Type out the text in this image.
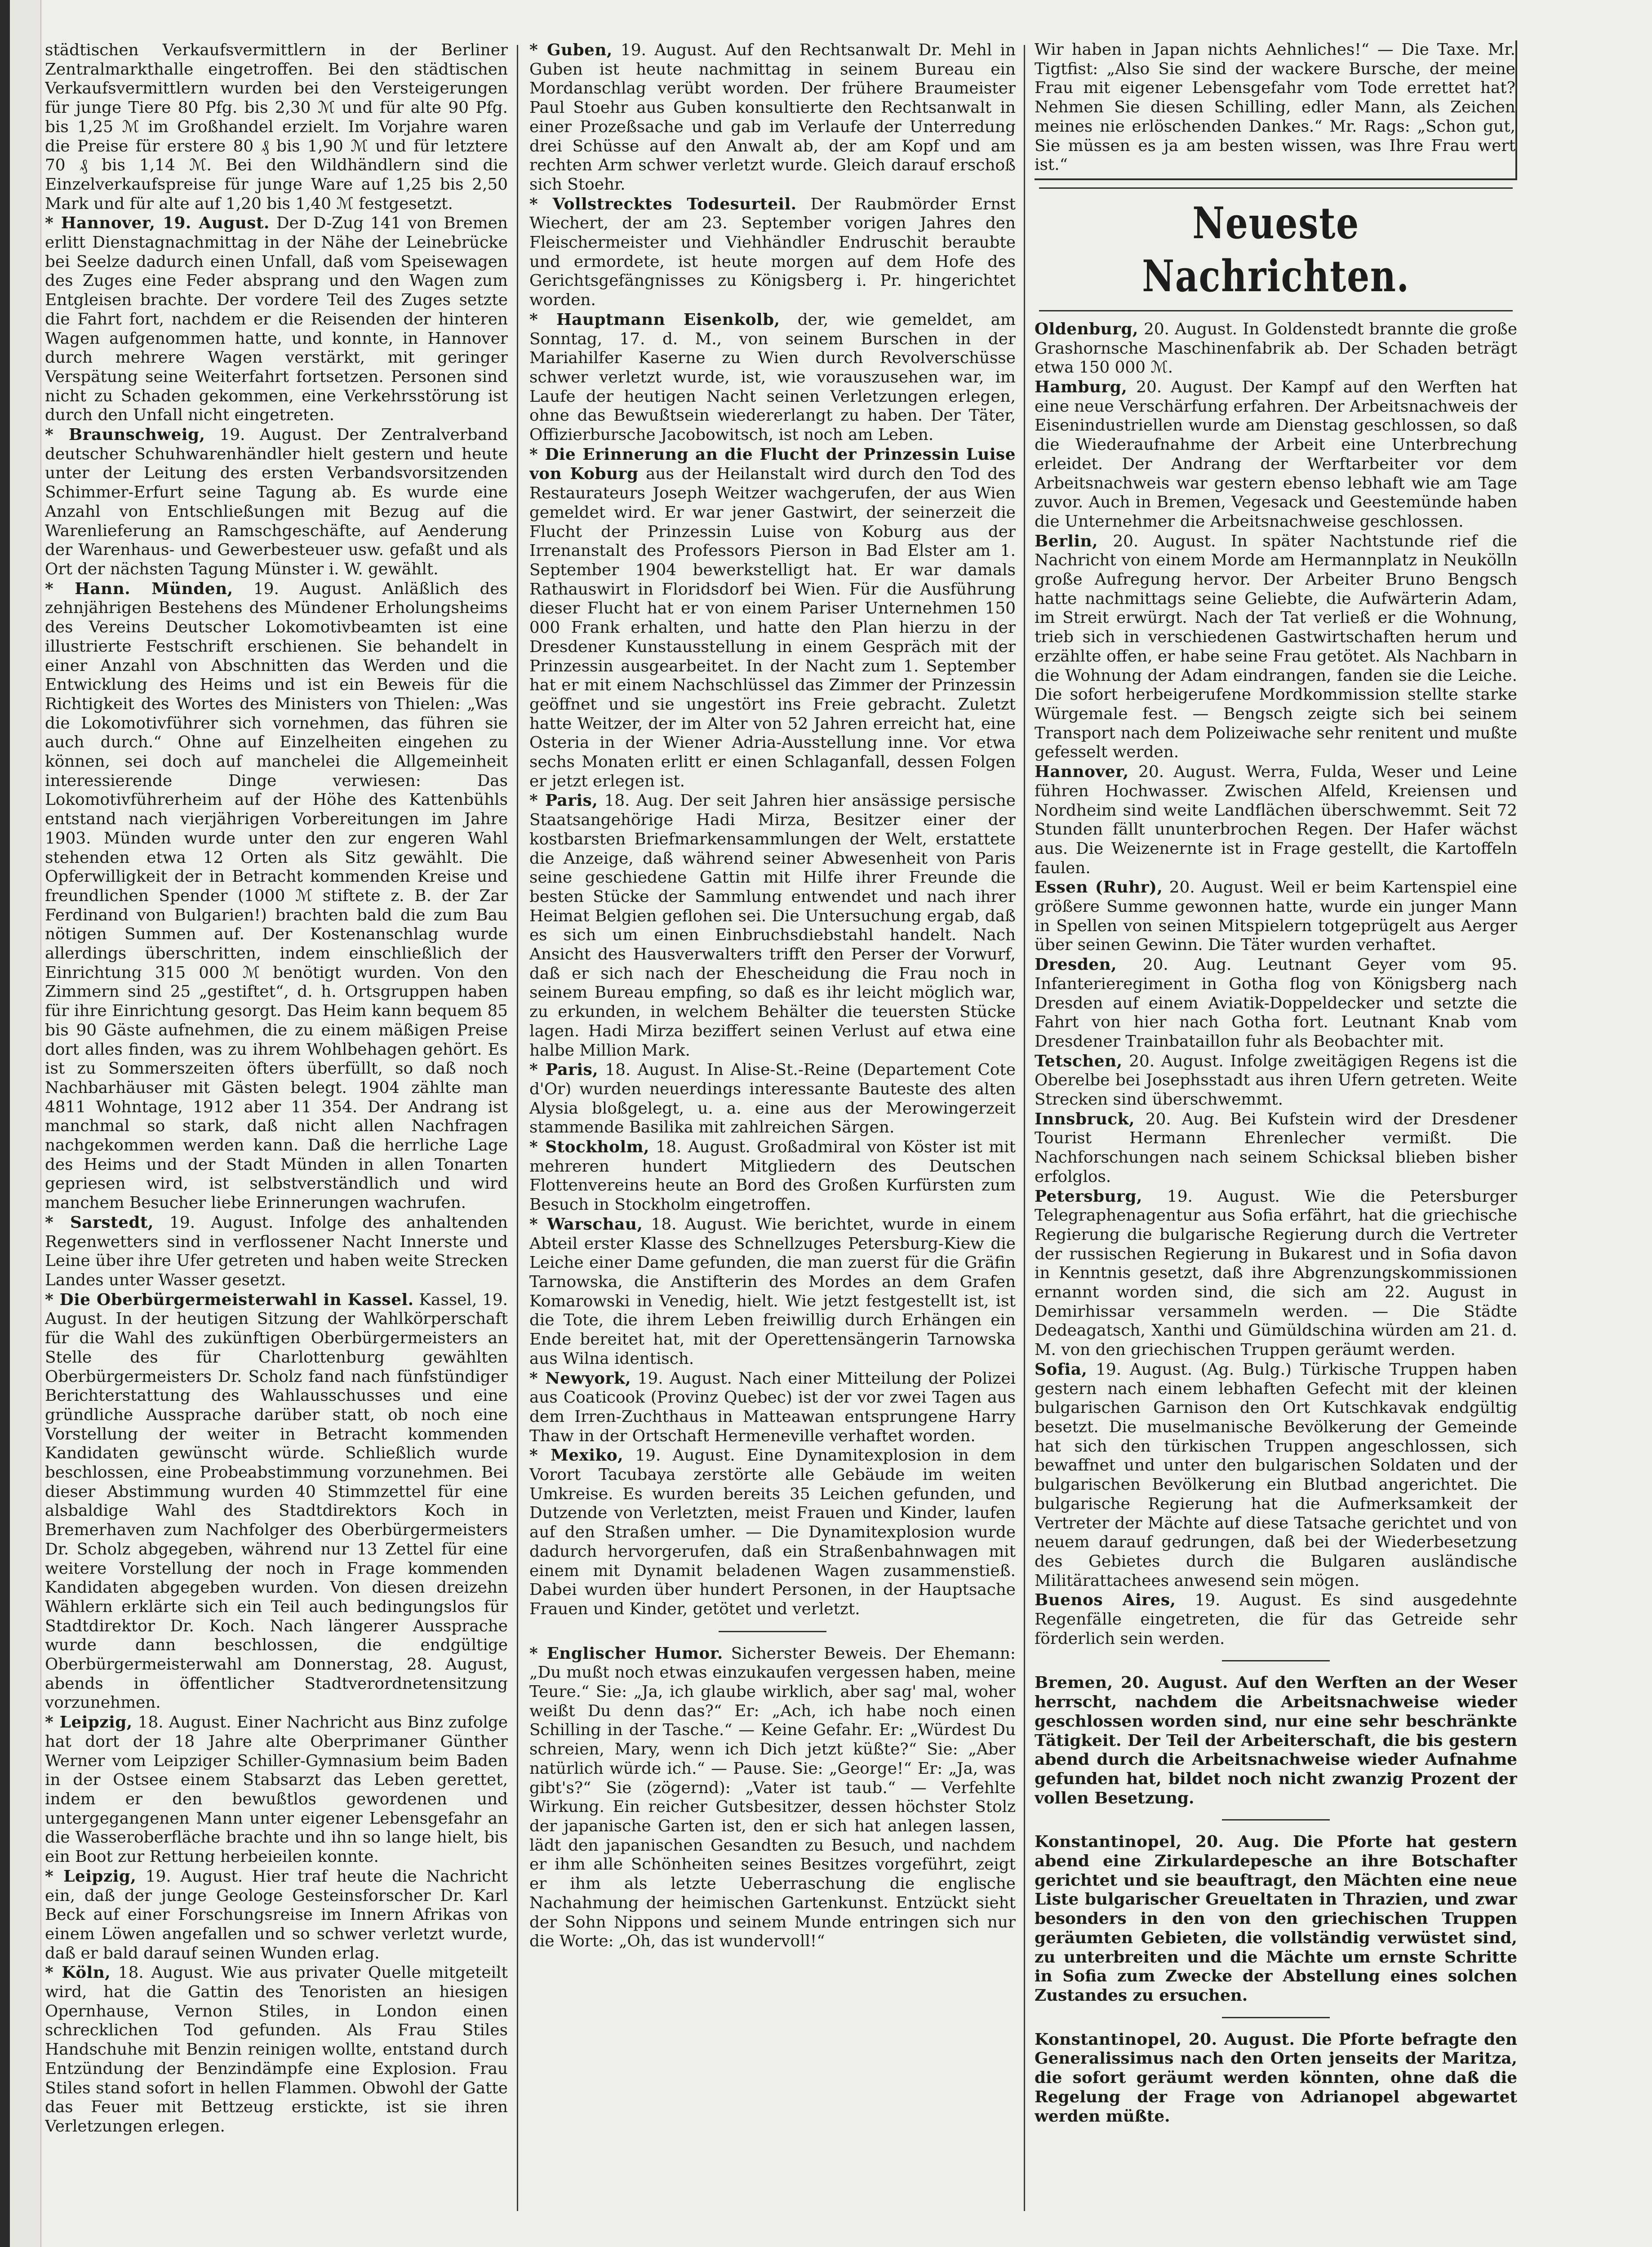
städtischen Verkaufsvermittlern in der Berliner Zentralmarkthalle eingetroffen. Bei den städtischen Verkaufsvermittlern wurden bei den Versteigerungen für junge Tiere 80 Pfg. bis 2,30 ℳ und für alte 90 Pfg. bis 1,25 ℳ im Großhandel erzielt. Im Vorjahre waren die Preise für erstere 80 ₰ bis 1,90 ℳ und für letztere 70 ₰ bis 1,14 ℳ. Bei den Wildhändlern sind die Einzelverkaufspreise für junge Ware auf 1,25 bis 2,50 Mark und für alte auf 1,20 bis 1,40 ℳ festgesetzt.

* Hannover, 19. August. Der D-Zug 141 von Bremen erlitt Dienstagnachmittag in der Nähe der Leinebrücke bei Seelze dadurch einen Unfall, daß vom Speisewagen des Zuges eine Feder absprang und den Wagen zum Entgleisen brachte. Der vordere Teil des Zuges setzte die Fahrt fort, nachdem er die Reisenden der hinteren Wagen aufgenommen hatte, und konnte, in Hannover durch mehrere Wagen verstärkt, mit geringer Verspätung seine Weiterfahrt fortsetzen. Personen sind nicht zu Schaden gekommen, eine Verkehrsstörung ist durch den Unfall nicht eingetreten.

* Braunschweig, 19. August. Der Zentralverband deutscher Schuhwarenhändler hielt gestern und heute unter der Leitung des ersten Verbandsvorsitzenden Schimmer-Erfurt seine Tagung ab. Es wurde eine Anzahl von Entschließungen mit Bezug auf die Warenlieferung an Ramschgeschäfte, auf Aenderung der Warenhaus- und Gewerbesteuer usw. gefaßt und als Ort der nächsten Tagung Münster i. W. gewählt.

* Hann. Münden, 19. August. Anläßlich des zehnjährigen Bestehens des Mündener Erholungsheims des Vereins Deutscher Lokomotivbeamten ist eine illustrierte Festschrift erschienen. Sie behandelt in einer Anzahl von Abschnitten das Werden und die Entwicklung des Heims und ist ein Beweis für die Richtigkeit des Wortes des Ministers von Thielen: „Was die Lokomotivführer sich vornehmen, das führen sie auch durch.“ Ohne auf Einzelheiten eingehen zu können, sei doch auf manchelei die Allgemeinheit interessierende Dinge verwiesen: Das Lokomotivführerheim auf der Höhe des Kattenbühls entstand nach vierjährigen Vorbereitungen im Jahre 1903. Münden wurde unter den zur engeren Wahl stehenden etwa 12 Orten als Sitz gewählt. Die Opferwilligkeit der in Betracht kommenden Kreise und freundlichen Spender (1000 ℳ stiftete z. B. der Zar Ferdinand von Bulgarien!) brachten bald die zum Bau nötigen Summen auf. Der Kostenanschlag wurde allerdings überschritten, indem einschließlich der Einrichtung 315 000 ℳ benötigt wurden. Von den Zimmern sind 25 „gestiftet“, d. h. Ortsgruppen haben für ihre Einrichtung gesorgt. Das Heim kann bequem 85 bis 90 Gäste aufnehmen, die zu einem mäßigen Preise dort alles finden, was zu ihrem Wohlbehagen gehört. Es ist zu Sommerszeiten öfters überfüllt, so daß noch Nachbarhäuser mit Gästen belegt. 1904 zählte man 4811 Wohntage, 1912 aber 11 354. Der Andrang ist manchmal so stark, daß nicht allen Nachfragen nachgekommen werden kann. Daß die herrliche Lage des Heims und der Stadt Münden in allen Tonarten gepriesen wird, ist selbstverständlich und wird manchem Besucher liebe Erinnerungen wachrufen.

* Sarstedt, 19. August. Infolge des anhaltenden Regenwetters sind in verflossener Nacht Innerste und Leine über ihre Ufer getreten und haben weite Strecken Landes unter Wasser gesetzt.

* Die Oberbürgermeisterwahl in Kassel. Kassel, 19. August. In der heutigen Sitzung der Wahlkörperschaft für die Wahl des zukünftigen Oberbürgermeisters an Stelle des für Charlottenburg gewählten Oberbürgermeisters Dr. Scholz fand nach fünfstündiger Berichterstattung des Wahlausschusses und eine gründliche Aussprache darüber statt, ob noch eine Vorstellung der weiter in Betracht kommenden Kandidaten gewünscht würde. Schließlich wurde beschlossen, eine Probeabstimmung vorzunehmen. Bei dieser Abstimmung wurden 40 Stimmzettel für eine alsbaldige Wahl des Stadtdirektors Koch in Bremerhaven zum Nachfolger des Oberbürgermeisters Dr. Scholz abgegeben, während nur 13 Zettel für eine weitere Vorstellung der noch in Frage kommenden Kandidaten abgegeben wurden. Von diesen dreizehn Wählern erklärte sich ein Teil auch bedingungslos für Stadtdirektor Dr. Koch. Nach längerer Aussprache wurde dann beschlossen, die endgültige Oberbürgermeisterwahl am Donnerstag, 28. August, abends in öffentlicher Stadtverordnetensitzung vorzunehmen.

* Leipzig, 18. August. Einer Nachricht aus Binz zufolge hat dort der 18 Jahre alte Oberprimaner Günther Werner vom Leipziger Schiller-Gymnasium beim Baden in der Ostsee einem Stabsarzt das Leben gerettet, indem er den bewußtlos gewordenen und untergegangenen Mann unter eigener Lebensgefahr an die Wasseroberfläche brachte und ihn so lange hielt, bis ein Boot zur Rettung herbeieilen konnte.

* Leipzig, 19. August. Hier traf heute die Nachricht ein, daß der junge Geologe Gesteinsforscher Dr. Karl Beck auf einer Forschungsreise im Innern Afrikas von einem Löwen angefallen und so schwer verletzt wurde, daß er bald darauf seinen Wunden erlag.

* Köln, 18. August. Wie aus privater Quelle mitgeteilt wird, hat die Gattin des Tenoristen an hiesigen Opernhause, Vernon Stiles, in London einen schrecklichen Tod gefunden. Als Frau Stiles Handschuhe mit Benzin reinigen wollte, entstand durch Entzündung der Benzindämpfe eine Explosion. Frau Stiles stand sofort in hellen Flammen. Obwohl der Gatte das Feuer mit Bettzeug erstickte, ist sie ihren Verletzungen erlegen.

* Guben, 19. August. Auf den Rechtsanwalt Dr. Mehl in Guben ist heute nachmittag in seinem Bureau ein Mordanschlag verübt worden. Der frühere Braumeister Paul Stoehr aus Guben konsultierte den Rechtsanwalt in einer Prozeßsache und gab im Verlaufe der Unterredung drei Schüsse auf den Anwalt ab, der am Kopf und am rechten Arm schwer verletzt wurde. Gleich darauf erschoß sich Stoehr.

* Vollstrecktes Todesurteil. Der Raubmörder Ernst Wiechert, der am 23. September vorigen Jahres den Fleischermeister und Viehhändler Endruschit beraubte und ermordete, ist heute morgen auf dem Hofe des Gerichtsgefängnisses zu Königsberg i. Pr. hingerichtet worden.

* Hauptmann Eisenkolb, der, wie gemeldet, am Sonntag, 17. d. M., von seinem Burschen in der Mariahilfer Kaserne zu Wien durch Revolverschüsse schwer verletzt wurde, ist, wie vorauszusehen war, im Laufe der heutigen Nacht seinen Verletzungen erlegen, ohne das Bewußtsein wiedererlangt zu haben. Der Täter, Offizierbursche Jacobowitsch, ist noch am Leben.

* Die Erinnerung an die Flucht der Prinzessin Luise von Koburg aus der Heilanstalt wird durch den Tod des Restaurateurs Joseph Weitzer wachgerufen, der aus Wien gemeldet wird. Er war jener Gastwirt, der seinerzeit die Flucht der Prinzessin Luise von Koburg aus der Irrenanstalt des Professors Pierson in Bad Elster am 1. September 1904 bewerkstelligt hat. Er war damals Rathauswirt in Floridsdorf bei Wien. Für die Ausführung dieser Flucht hat er von einem Pariser Unternehmen 150 000 Frank erhalten, und hatte den Plan hierzu in der Dresdener Kunstausstellung in einem Gespräch mit der Prinzessin ausgearbeitet. In der Nacht zum 1. September hat er mit einem Nachschlüssel das Zimmer der Prinzessin geöffnet und sie ungestört ins Freie gebracht. Zuletzt hatte Weitzer, der im Alter von 52 Jahren erreicht hat, eine Osteria in der Wiener Adria-Ausstellung inne. Vor etwa sechs Monaten erlitt er einen Schlaganfall, dessen Folgen er jetzt erlegen ist.

* Paris, 18. Aug. Der seit Jahren hier ansässige persische Staatsangehörige Hadi Mirza, Besitzer einer der kostbarsten Briefmarkensammlungen der Welt, erstattete die Anzeige, daß während seiner Abwesenheit von Paris seine geschiedene Gattin mit Hilfe ihrer Freunde die besten Stücke der Sammlung entwendet und nach ihrer Heimat Belgien geflohen sei. Die Untersuchung ergab, daß es sich um einen Einbruchsdiebstahl handelt. Nach Ansicht des Hausverwalters trifft den Perser der Vorwurf, daß er sich nach der Ehescheidung die Frau noch in seinem Bureau empfing, so daß es ihr leicht möglich war, zu erkunden, in welchem Behälter die teuersten Stücke lagen. Hadi Mirza beziffert seinen Verlust auf etwa eine halbe Million Mark.

* Paris, 18. August. In Alise-St.-Reine (Departement Cote d'Or) wurden neuerdings interessante Bauteste des alten Alysia bloßgelegt, u. a. eine aus der Merowingerzeit stammende Basilika mit zahlreichen Särgen.

* Stockholm, 18. August. Großadmiral von Köster ist mit mehreren hundert Mitgliedern des Deutschen Flottenvereins heute an Bord des Großen Kurfürsten zum Besuch in Stockholm eingetroffen.

* Warschau, 18. August. Wie berichtet, wurde in einem Abteil erster Klasse des Schnellzuges Petersburg-Kiew die Leiche einer Dame gefunden, die man zuerst für die Gräfin Tarnowska, die Anstifterin des Mordes an dem Grafen Komarowski in Venedig, hielt. Wie jetzt festgestellt ist, ist die Tote, die ihrem Leben freiwillig durch Erhängen ein Ende bereitet hat, mit der Operettensängerin Tarnowska aus Wilna identisch.

* Newyork, 19. August. Nach einer Mitteilung der Polizei aus Coaticook (Provinz Quebec) ist der vor zwei Tagen aus dem Irren-Zuchthaus in Matteawan entsprungene Harry Thaw in der Ortschaft Hermeneville verhaftet worden.

* Mexiko, 19. August. Eine Dynamitexplosion in dem Vorort Tacubaya zerstörte alle Gebäude im weiten Umkreise. Es wurden bereits 35 Leichen gefunden, und Dutzende von Verletzten, meist Frauen und Kinder, laufen auf den Straßen umher. — Die Dynamitexplosion wurde dadurch hervorgerufen, daß ein Straßenbahnwagen mit einem mit Dynamit beladenen Wagen zusammenstieß. Dabei wurden über hundert Personen, in der Hauptsache Frauen und Kinder, getötet und verletzt.

* Englischer Humor. Sicherster Beweis. Der Ehemann: „Du mußt noch etwas einzukaufen vergessen haben, meine Teure.“ Sie: „Ja, ich glaube wirklich, aber sag' mal, woher weißt Du denn das?“ Er: „Ach, ich habe noch einen Schilling in der Tasche.“ — Keine Gefahr. Er: „Würdest Du schreien, Mary, wenn ich Dich jetzt küßte?“ Sie: „Aber natürlich würde ich.“ — Pause. Sie: „George!“ Er: „Ja, was gibt's?“ Sie (zögernd): „Vater ist taub.“ — Verfehlte Wirkung. Ein reicher Gutsbesitzer, dessen höchster Stolz der japanische Garten ist, den er sich hat anlegen lassen, lädt den japanischen Gesandten zu Besuch, und nachdem er ihm alle Schönheiten seines Besitzes vorgeführt, zeigt er ihm als letzte Ueberraschung die englische Nachahmung der heimischen Gartenkunst. Entzückt sieht der Sohn Nippons und seinem Munde entringen sich nur die Worte: „Oh, das ist wundervoll!“

Wir haben in Japan nichts Aehnliches!“ — Die Taxe. Mr. Tigtfist: „Also Sie sind der wackere Bursche, der meine Frau mit eigener Lebensgefahr vom Tode errettet hat? Nehmen Sie diesen Schilling, edler Mann, als Zeichen meines nie erlöschenden Dankes.“ Mr. Rags: „Schon gut, Sie müssen es ja am besten wissen, was Ihre Frau wert ist.“

Neueste Nachrichten.

Oldenburg, 20. August. In Goldenstedt brannte die große Grashornsche Maschinenfabrik ab. Der Schaden beträgt etwa 150 000 ℳ.

Hamburg, 20. August. Der Kampf auf den Werften hat eine neue Verschärfung erfahren. Der Arbeitsnachweis der Eisenindustriellen wurde am Dienstag geschlossen, so daß die Wiederaufnahme der Arbeit eine Unterbrechung erleidet. Der Andrang der Werftarbeiter vor dem Arbeitsnachweis war gestern ebenso lebhaft wie am Tage zuvor. Auch in Bremen, Vegesack und Geestemünde haben die Unternehmer die Arbeitsnachweise geschlossen.

Berlin, 20. August. In später Nachtstunde rief die Nachricht von einem Morde am Hermannplatz in Neukölln große Aufregung hervor. Der Arbeiter Bruno Bengsch hatte nachmittags seine Geliebte, die Aufwärterin Adam, im Streit erwürgt. Nach der Tat verließ er die Wohnung, trieb sich in verschiedenen Gastwirtschaften herum und erzählte offen, er habe seine Frau getötet. Als Nachbarn in die Wohnung der Adam eindrangen, fanden sie die Leiche. Die sofort herbeigerufene Mordkommission stellte starke Würgemale fest. — Bengsch zeigte sich bei seinem Transport nach dem Polizeiwache sehr renitent und mußte gefesselt werden.

Hannover, 20. August. Werra, Fulda, Weser und Leine führen Hochwasser. Zwischen Alfeld, Kreiensen und Nordheim sind weite Landflächen überschwemmt. Seit 72 Stunden fällt ununterbrochen Regen. Der Hafer wächst aus. Die Weizenernte ist in Frage gestellt, die Kartoffeln faulen.

Essen (Ruhr), 20. August. Weil er beim Kartenspiel eine größere Summe gewonnen hatte, wurde ein junger Mann in Spellen von seinen Mitspielern totgeprügelt aus Aerger über seinen Gewinn. Die Täter wurden verhaftet.

Dresden, 20. Aug. Leutnant Geyer vom 95. Infanterieregiment in Gotha flog von Königsberg nach Dresden auf einem Aviatik-Doppeldecker und setzte die Fahrt von hier nach Gotha fort. Leutnant Knab vom Dresdener Trainbataillon fuhr als Beobachter mit.

Tetschen, 20. August. Infolge zweitägigen Regens ist die Oberelbe bei Josephsstadt aus ihren Ufern getreten. Weite Strecken sind überschwemmt.

Innsbruck, 20. Aug. Bei Kufstein wird der Dresdener Tourist Hermann Ehrenlecher vermißt. Die Nachforschungen nach seinem Schicksal blieben bisher erfolglos.

Petersburg, 19. August. Wie die Petersburger Telegraphenagentur aus Sofia erfährt, hat die griechische Regierung die bulgarische Regierung durch die Vertreter der russischen Regierung in Bukarest und in Sofia davon in Kenntnis gesetzt, daß ihre Abgrenzungskommissionen ernannt worden sind, die sich am 22. August in Demirhissar versammeln werden. — Die Städte Dedeagatsch, Xanthi und Gümüldschina würden am 21. d. M. von den griechischen Truppen geräumt werden.

Sofia, 19. August. (Ag. Bulg.) Türkische Truppen haben gestern nach einem lebhaften Gefecht mit der kleinen bulgarischen Garnison den Ort Kutschkavak endgültig besetzt. Die muselmanische Bevölkerung der Gemeinde hat sich den türkischen Truppen angeschlossen, sich bewaffnet und unter den bulgarischen Soldaten und der bulgarischen Bevölkerung ein Blutbad angerichtet. Die bulgarische Regierung hat die Aufmerksamkeit der Vertreter der Mächte auf diese Tatsache gerichtet und von neuem darauf gedrungen, daß bei der Wiederbesetzung des Gebietes durch die Bulgaren ausländische Militärattachees anwesend sein mögen.

Buenos Aires, 19. August. Es sind ausgedehnte Regenfälle eingetreten, die für das Getreide sehr förderlich sein werden.

Bremen, 20. August. Auf den Werften an der Weser herrscht, nachdem die Arbeitsnachweise wieder geschlossen worden sind, nur eine sehr beschränkte Tätigkeit. Der Teil der Arbeiterschaft, die bis gestern abend durch die Arbeitsnachweise wieder Aufnahme gefunden hat, bildet noch nicht zwanzig Prozent der vollen Besetzung.

Konstantinopel, 20. Aug. Die Pforte hat gestern abend eine Zirkulardepesche an ihre Botschafter gerichtet und sie beauftragt, den Mächten eine neue Liste bulgarischer Greueltaten in Thrazien, und zwar besonders in den von den griechischen Truppen geräumten Gebieten, die vollständig verwüstet sind, zu unterbreiten und die Mächte um ernste Schritte in Sofia zum Zwecke der Abstellung eines solchen Zustandes zu ersuchen.

Konstantinopel, 20. August. Die Pforte befragte den Generalissimus nach den Orten jenseits der Maritza, die sofort geräumt werden könnten, ohne daß die Regelung der Frage von Adrianopel abgewartet werden müßte.
